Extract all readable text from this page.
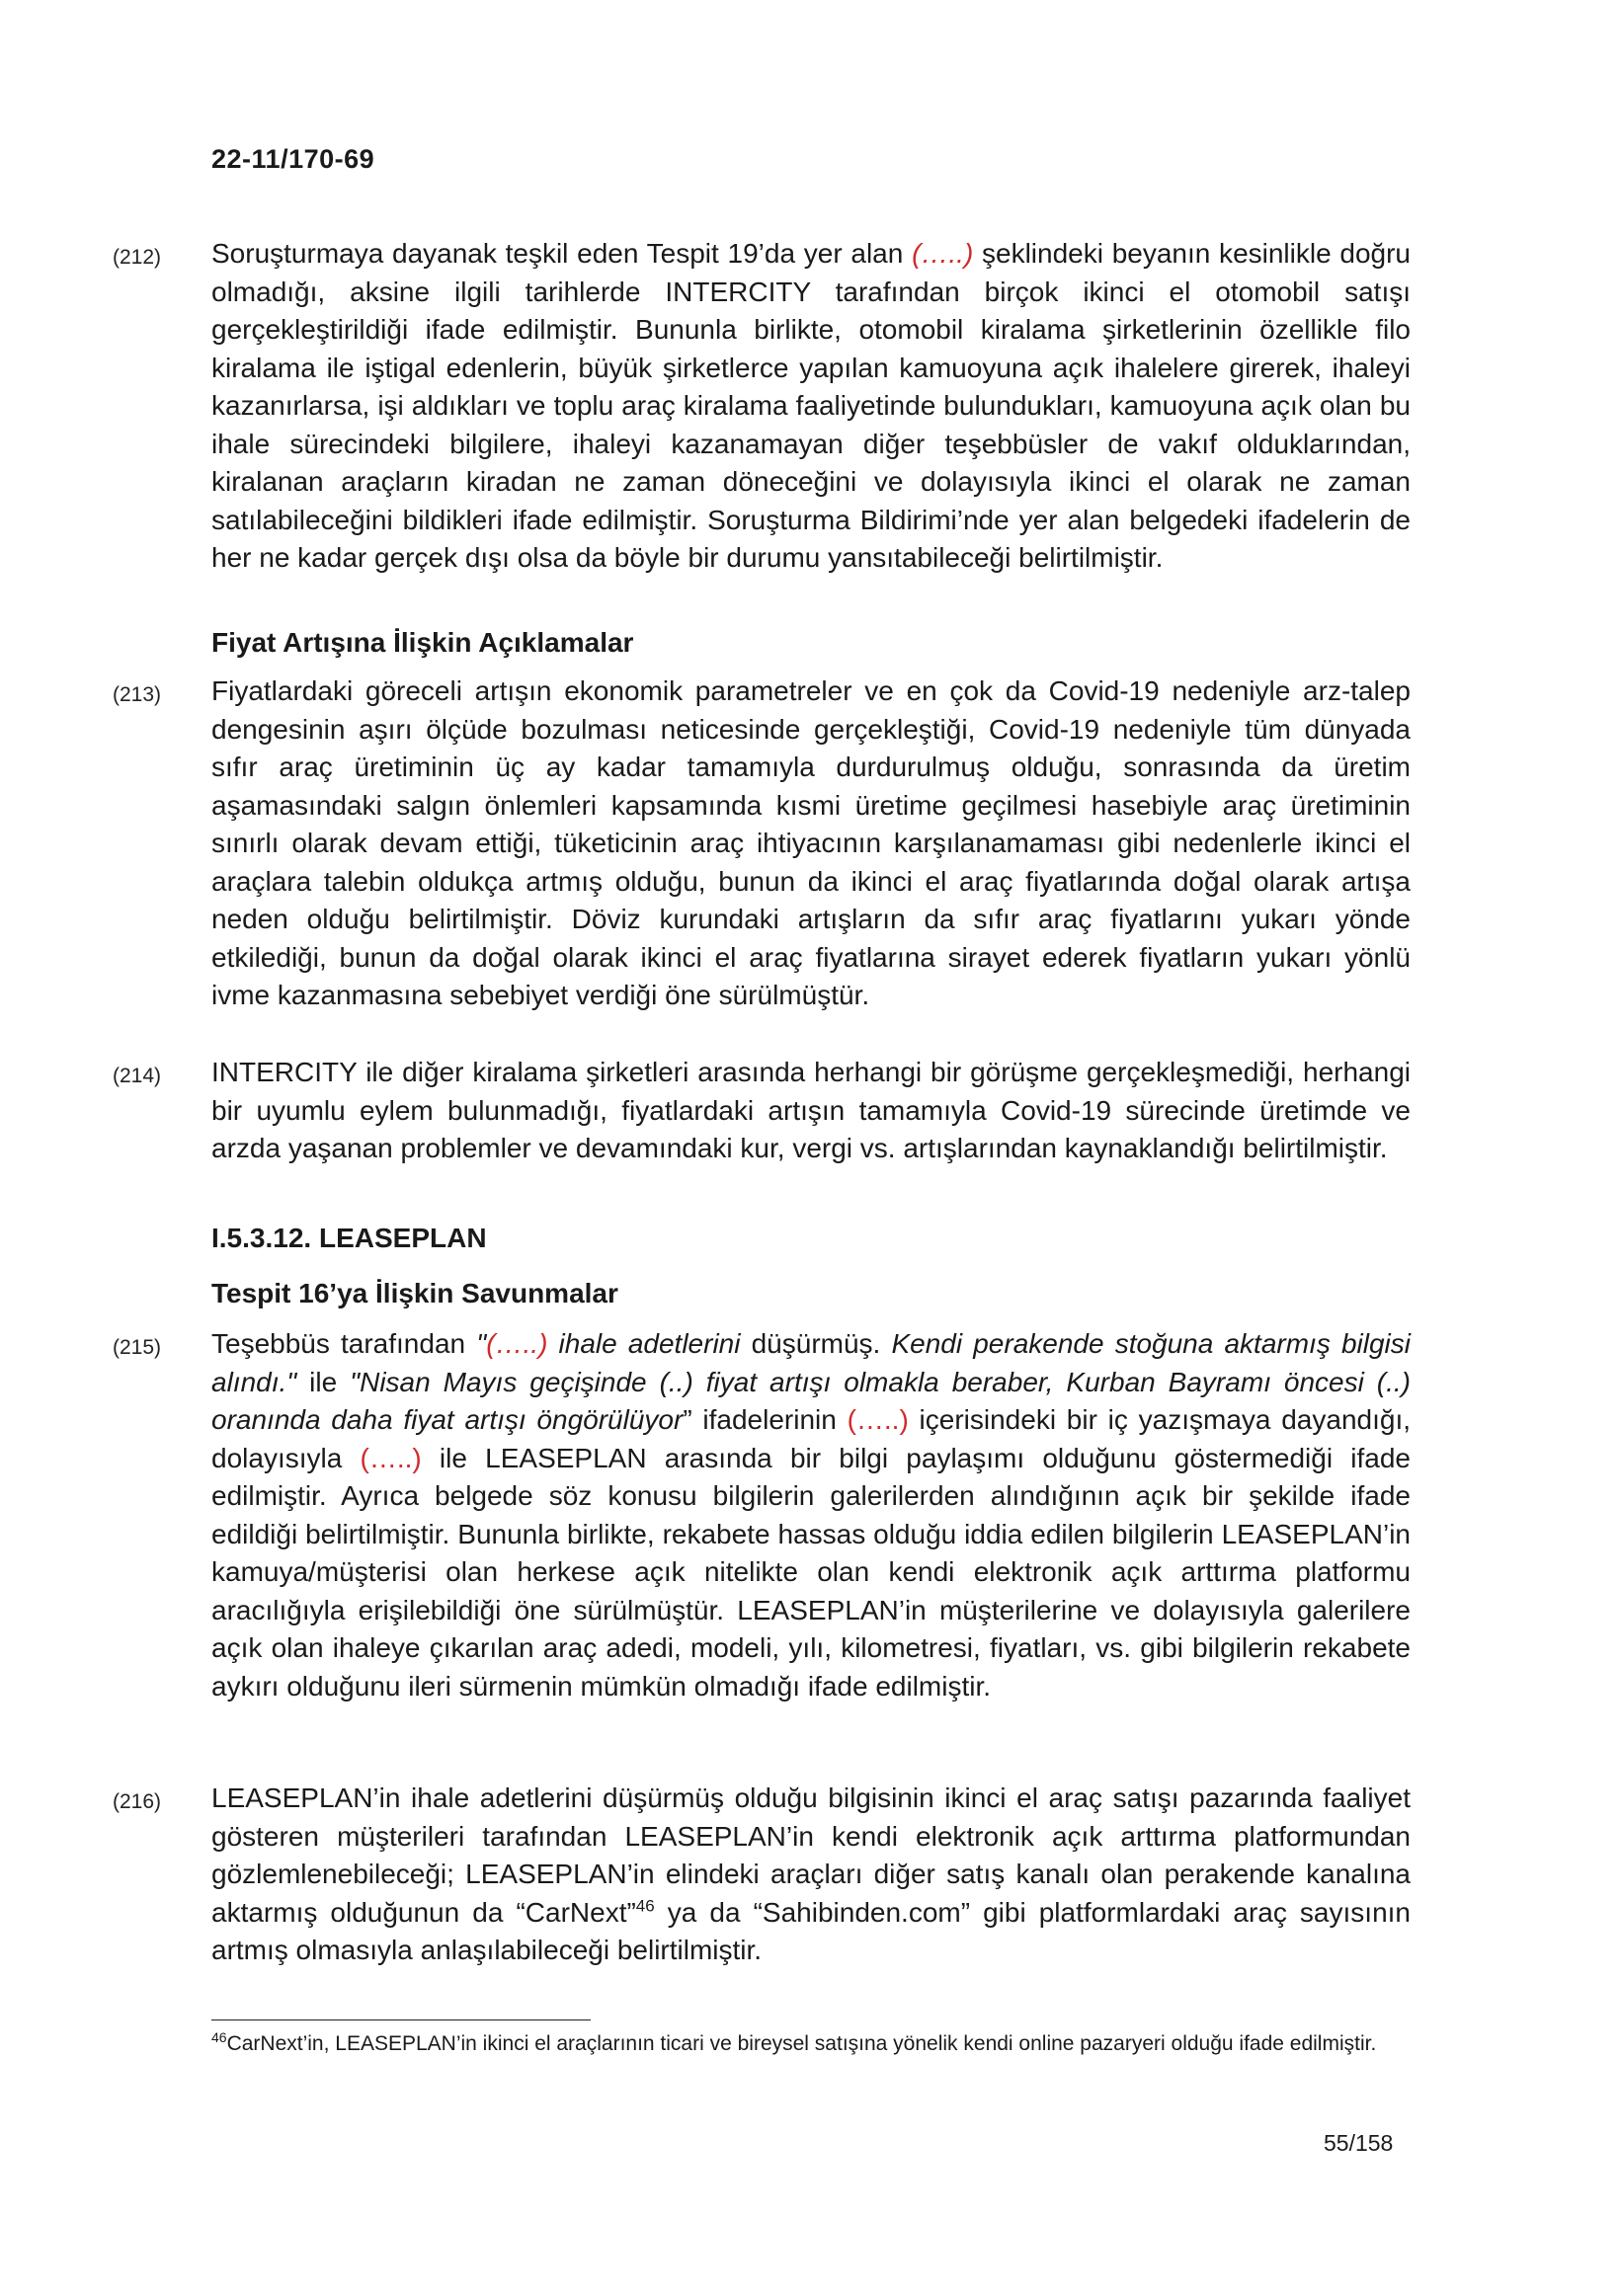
22-11/170-69
(212) Soruşturmaya dayanak teşkil eden Tespit 19’da yer alan (…..) şeklindeki beyanın kesinlikle doğru olmadığı, aksine ilgili tarihlerde INTERCITY tarafından birçok ikinci el otomobil satışı gerçekleştirildiği ifade edilmiştir. Bununla birlikte, otomobil kiralama şirketlerinin özellikle filo kiralama ile iştigal edenlerin, büyük şirketlerce yapılan kamuoyuna açık ihalelere girerek, ihaleyi kazanırlarsa, işi aldıkları ve toplu araç kiralama faaliyetinde bulundukları, kamuoyuna açık olan bu ihale sürecindeki bilgilere, ihaleyi kazanamayan diğer teşebbüsler de vakıf olduklarından, kiralanan araçların kiradan ne zaman döneceğini ve dolayısıyla ikinci el olarak ne zaman satılabileceğini bildikleri ifade edilmiştir. Soruşturma Bildirimi’nde yer alan belgedeki ifadelerin de her ne kadar gerçek dışı olsa da böyle bir durumu yansıtabileceği belirtilmiştir.

Fiyat Artışına İlişkin Açıklamalar
(213) Fiyatlardaki göreceli artışın ekonomik parametreler ve en çok da Covid-19 nedeniyle arz-talep dengesinin aşırı ölçüde bozulması neticesinde gerçekleştiği, Covid-19 nedeniyle tüm dünyada sıfır araç üretiminin üç ay kadar tamamıyla durdurulmuş olduğu, sonrasında da üretim aşamasındaki salgın önlemleri kapsamında kısmi üretime geçilmesi hasebiyle araç üretiminin sınırlı olarak devam ettiği, tüketicinin araç ihtiyacının karşılanamaması gibi nedenlerle ikinci el araçlara talebin oldukça artmış olduğu, bunun da ikinci el araç fiyatlarında doğal olarak artışa neden olduğu belirtilmiştir. Döviz kurundaki artışların da sıfır araç fiyatlarını yukarı yönde etkilediği, bunun da doğal olarak ikinci el araç fiyatlarına sirayet ederek fiyatların yukarı yönlü ivme kazanmasına sebebiyet verdiği öne sürülmüştür.

(214) INTERCITY ile diğer kiralama şirketleri arasında herhangi bir görüşme gerçekleşmediği, herhangi bir uyumlu eylem bulunmadığı, fiyatlardaki artışın tamamıyla Covid-19 sürecinde üretimde ve arzda yaşanan problemler ve devamındaki kur, vergi vs. artışlarından kaynaklandığı belirtilmiştir.

I.5.3.12. LEASEPLAN
Tespit 16’ya İlişkin Savunmalar
(215) Teşebbüs tarafından "(…..) ihale adetlerini düşürmüş. Kendi perakende stoğuna aktarmış bilgisi alındı." ile "Nisan Mayıs geçişinde (..) fiyat artışı olmakla beraber, Kurban Bayramı öncesi (..) oranında daha fiyat artışı öngörülüyor” ifadelerinin (…..) içerisindeki bir iç yazışmaya dayandığı, dolayısıyla (…..) ile LEASEPLAN arasında bir bilgi paylaşımı olduğunu göstermediği ifade edilmiştir. Ayrıca belgede söz konusu bilgilerin galerilerden alındığının açık bir şekilde ifade edildiği belirtilmiştir. Bununla birlikte, rekabete hassas olduğu iddia edilen bilgilerin LEASEPLAN’in kamuya/müşterisi olan herkese açık nitelikte olan kendi elektronik açık arttırma platformu aracılığıyla erişilebildiği öne sürülmüştür. LEASEPLAN’in müşterilerine ve dolayısıyla galerilere açık olan ihaleye çıkarılan araç adedi, modeli, yılı, kilometresi, fiyatları, vs. gibi bilgilerin rekabete aykırı olduğunu ileri sürmenin mümkün olmadığı ifade edilmiştir.

(216) LEASEPLAN’in ihale adetlerini düşürmüş olduğu bilgisinin ikinci el araç satışı pazarında faaliyet gösteren müşterileri tarafından LEASEPLAN’in kendi elektronik açık arttırma platformundan gözlemlenebileceği; LEASEPLAN’in elindeki araçları diğer satış kanalı olan perakende kanalına aktarmış olduğunun da “CarNext”$^{46}$ ya da “Sahibinden.com” gibi platformlardaki araç sayısının artmış olmasıyla anlaşılabileceği belirtilmiştir.

$^{46}$CarNext’in, LEASEPLAN’in ikinci el araçlarının ticari ve bireysel satışına yönelik kendi online pazaryeri olduğu ifade edilmiştir.
55/158
